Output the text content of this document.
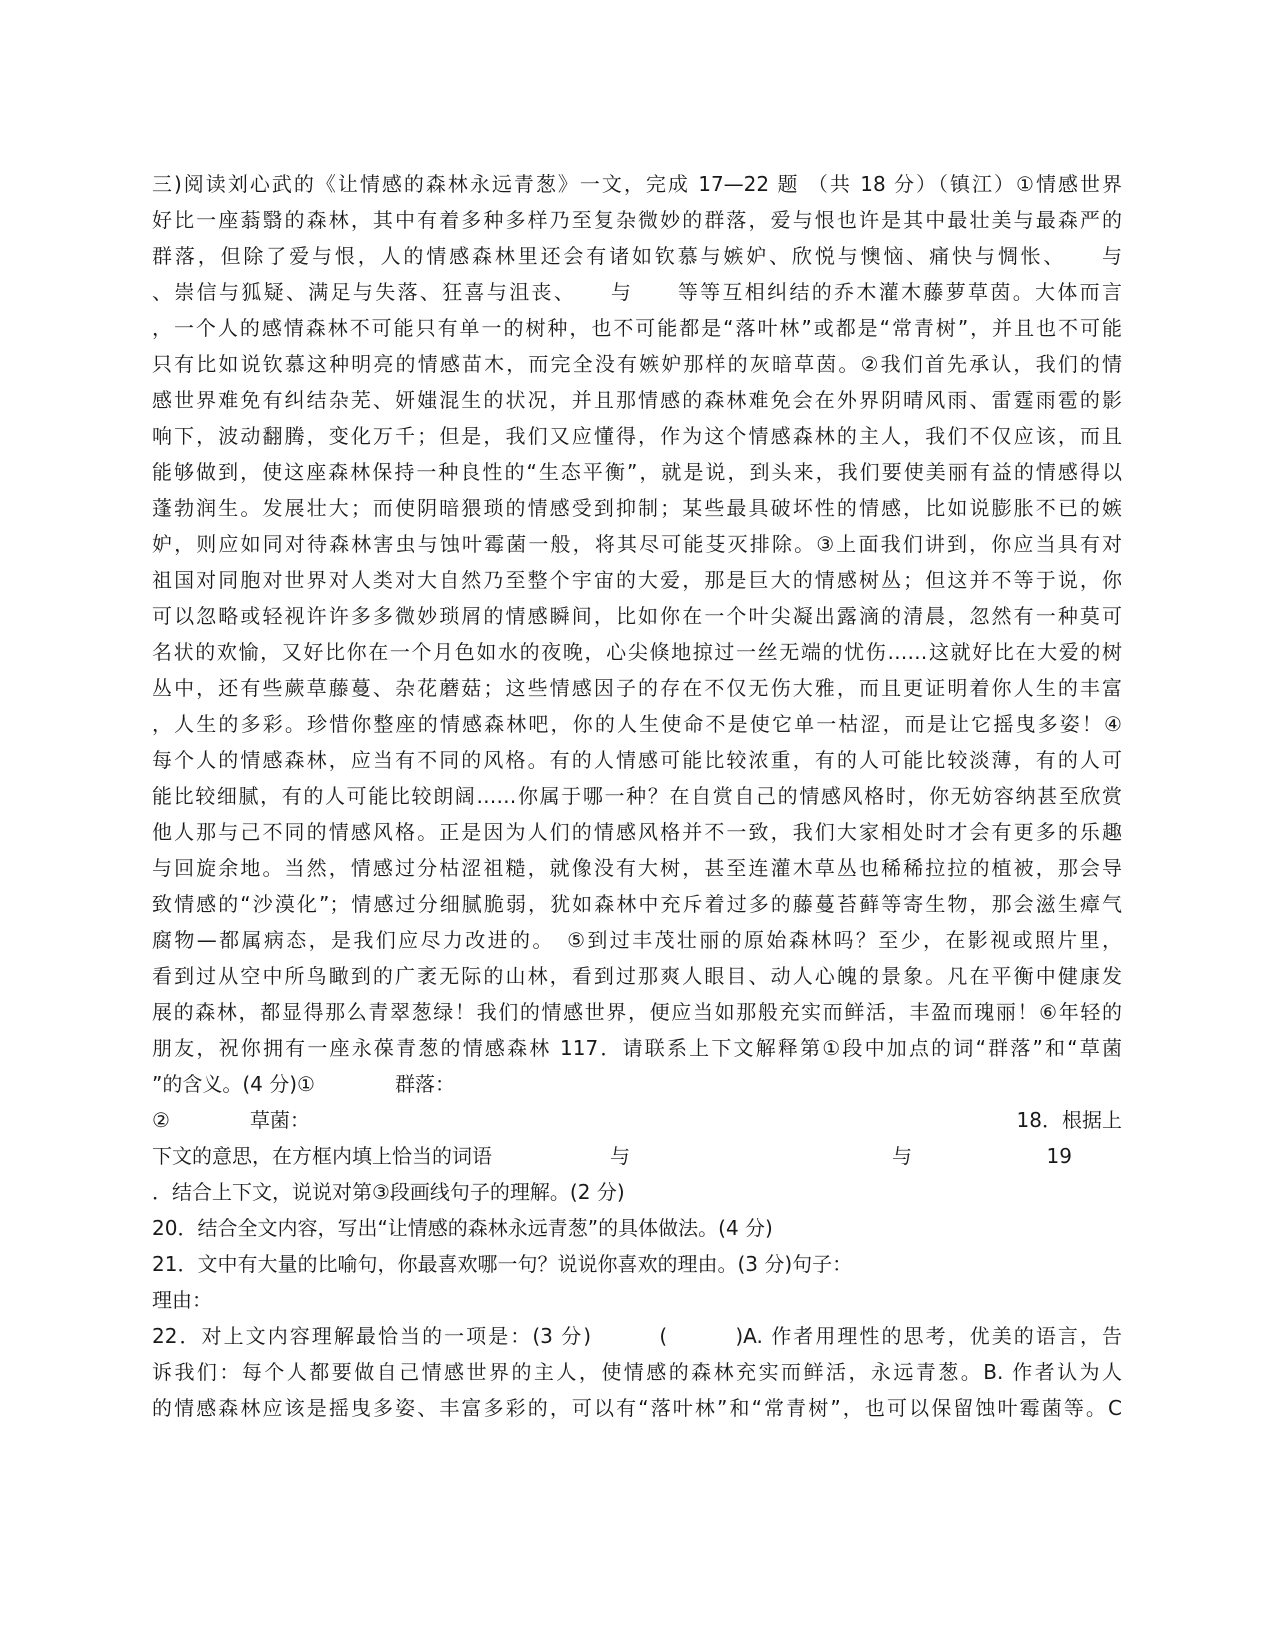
三)阅读刘心武的《让情感的森林永远青葱》一文，完成 17—22 题 （共 18 分）（镇江）①情感世界
好比一座蓊翳的森林，其中有着多种多样乃至复杂微妙的群落，爱与恨也许是其中最壮美与最森严的
群落，但除了爱与恨，人的情感森林里还会有诸如钦慕与嫉妒、欣悦与懊恼、痛快与惆怅、　　与
、崇信与狐疑、满足与失落、狂喜与沮丧、　　与　　等等互相纠结的乔木灌木藤萝草茵。大体而言
，一个人的感情森林不可能只有单一的树种，也不可能都是“落叶林”或都是“常青树”，并且也不可能
只有比如说钦慕这种明亮的情感苗木，而完全没有嫉妒那样的灰暗草茵。②我们首先承认，我们的情
感世界难免有纠结杂芜、妍媸混生的状况，并且那情感的森林难免会在外界阴晴风雨、雷霆雨雹的影
响下，波动翻腾，变化万千；但是，我们又应懂得，作为这个情感森林的主人，我们不仅应该，而且
能够做到，使这座森林保持一种良性的“生态平衡”，就是说，到头来，我们要使美丽有益的情感得以
蓬勃润生。发展壮大；而使阴暗猥琐的情感受到抑制；某些最具破坏性的情感，比如说膨胀不已的嫉
妒，则应如同对待森林害虫与蚀叶霉菌一般，将其尽可能芟灭排除。③上面我们讲到，你应当具有对
祖国对同胞对世界对人类对大自然乃至整个宇宙的大爱，那是巨大的情感树丛；但这并不等于说，你
可以忽略或轻视许许多多微妙琐屑的情感瞬间，比如你在一个叶尖凝出露滴的清晨，忽然有一种莫可
名状的欢愉，又好比你在一个月色如水的夜晚，心尖倏地掠过一丝无端的忧伤……这就好比在大爱的树
丛中，还有些蕨草藤蔓、杂花蘑菇；这些情感因子的存在不仅无伤大雅，而且更证明着你人生的丰富
，人生的多彩。珍惜你整座的情感森林吧，你的人生使命不是使它单一枯涩，而是让它摇曳多姿！④
每个人的情感森林，应当有不同的风格。有的人情感可能比较浓重，有的人可能比较淡薄，有的人可
能比较细腻，有的人可能比较朗阔……你属于哪一种？在自赏自己的情感风格时，你无妨容纳甚至欣赏
他人那与己不同的情感风格。正是因为人们的情感风格并不一致，我们大家相处时才会有更多的乐趣
与回旋余地。当然，情感过分枯涩祖糙，就像没有大树，甚至连灌木草丛也稀稀拉拉的植被，那会导
致情感的“沙漠化”；情感过分细腻脆弱，犹如森林中充斥着过多的藤蔓苔藓等寄生物，那会滋生瘴气
腐物—都属病态，是我们应尽力改进的。　⑤到过丰茂壮丽的原始森林吗？至少，在影视或照片里，
看到过从空中所鸟瞰到的广袤无际的山林，看到过那爽人眼目、动人心魄的景象。凡在平衡中健康发
展的森林，都显得那么青翠葱绿！我们的情感世界，便应当如那般充实而鲜活，丰盈而瑰丽！⑥年轻的
朋友，祝你拥有一座永葆青葱的情感森林 117．请联系上下文解释第①段中加点的词“群落”和“草菌
”的含义。(4 分)①　　　　群落：
②　　　　草菌：	18．根据上
下文的意思，在方框内填上恰当的词语	与	与	19
．结合上下文，说说对第③段画线句子的理解。(2 分)
20．结合全文内容，写出“让情感的森林永远青葱”的具体做法。(4 分)
21．文中有大量的比喻句，你最喜欢哪一句？说说你喜欢的理由。(3 分)句子：
理由：
22．对上文内容理解最恰当的一项是：(3 分)　　　(　　　)A. 作者用理性的思考，优美的语言，告
诉我们：每个人都要做自己情感世界的主人，使情感的森林充实而鲜活，永远青葱。B. 作者认为人
的情感森林应该是摇曳多姿、丰富多彩的，可以有“落叶林”和“常青树”，也可以保留蚀叶霉菌等。C
